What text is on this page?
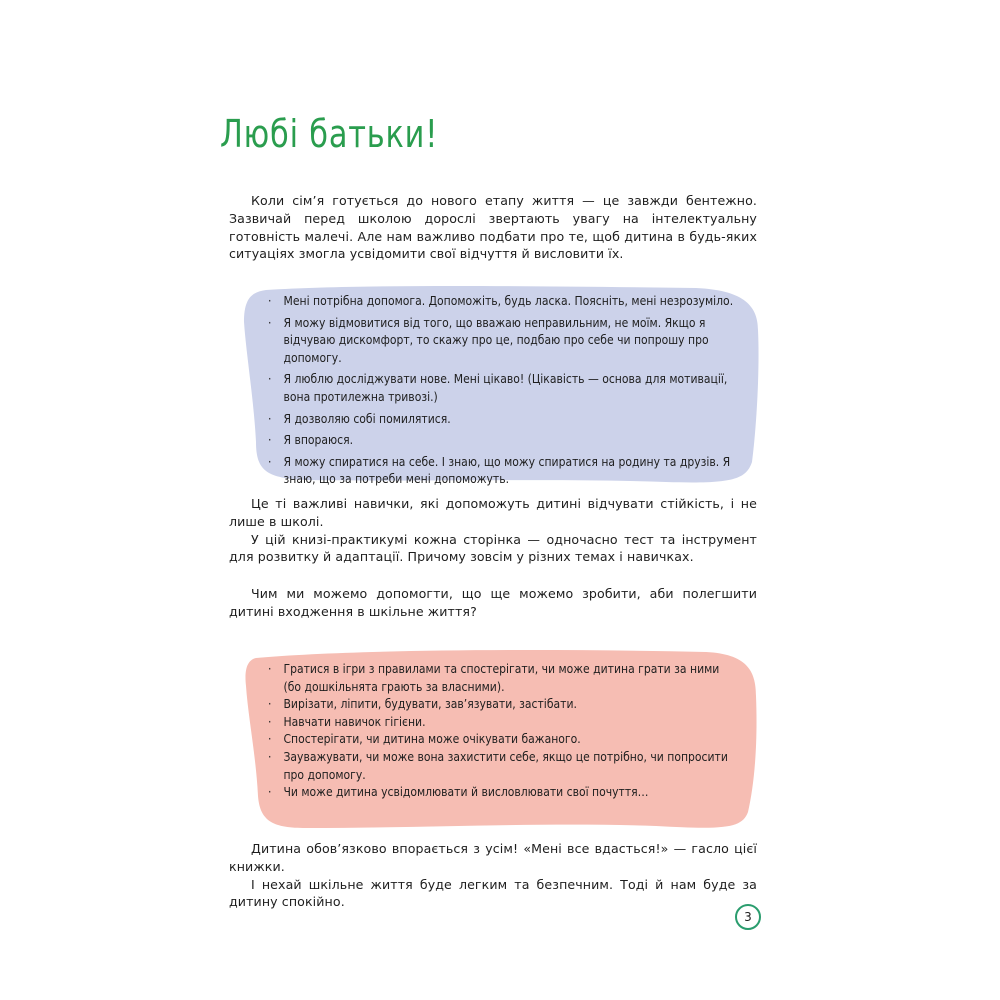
Любі батьки!

Коли сім’я готується до нового етапу життя — це завжди бентежно. Зазвичай перед школою дорослі звертають увагу на інтелектуальну готовність малечі. Але нам важливо подбати про те, щоб дитина в будь-яких ситуаціях змогла усвідомити свої відчуття й висловити їх.

· Мені потрібна допомога. Допоможіть, будь ласка. Поясніть, мені незрозуміло.
· Я можу відмовитися від того, що вважаю неправильним, не моїм. Якщо я відчуваю дискомфорт, то скажу про це, подбаю про себе чи попрошу про допомогу.
· Я люблю досліджувати нове. Мені цікаво! (Цікавість — основа для мотивації, вона протилежна тривозі.)
· Я дозволяю собі помилятися.
· Я впораюся.
· Я можу спиратися на себе. І знаю, що можу спиратися на родину та друзів. Я знаю, що за потреби мені допоможуть.

Це ті важливі навички, які допоможуть дитині відчувати стійкість, і не лише в школі.
У цій книзі-практикумі кожна сторінка — одночасно тест та інструмент для розвитку й адаптації. Причому зовсім у різних темах і навичках.

Чим ми можемо допомогти, що ще можемо зробити, аби полегшити дитині входження в шкільне життя?

· Гратися в ігри з правилами та спостерігати, чи може дитина грати за ними (бо дошкільнята грають за власними).
· Вирізати, ліпити, будувати, зав’язувати, застібати.
· Навчати навичок гігієни.
· Спостерігати, чи дитина може очікувати бажаного.
· Зауважувати, чи може вона захистити себе, якщо це потрібно, чи попросити про допомогу.
· Чи може дитина усвідомлювати й висловлювати свої почуття…

Дитина обов’язково впорається з усім! «Мені все вдасться!» — гасло цієї книжки.
І нехай шкільне життя буде легким та безпечним. Тоді й нам буде за дитину спокійно.

3
